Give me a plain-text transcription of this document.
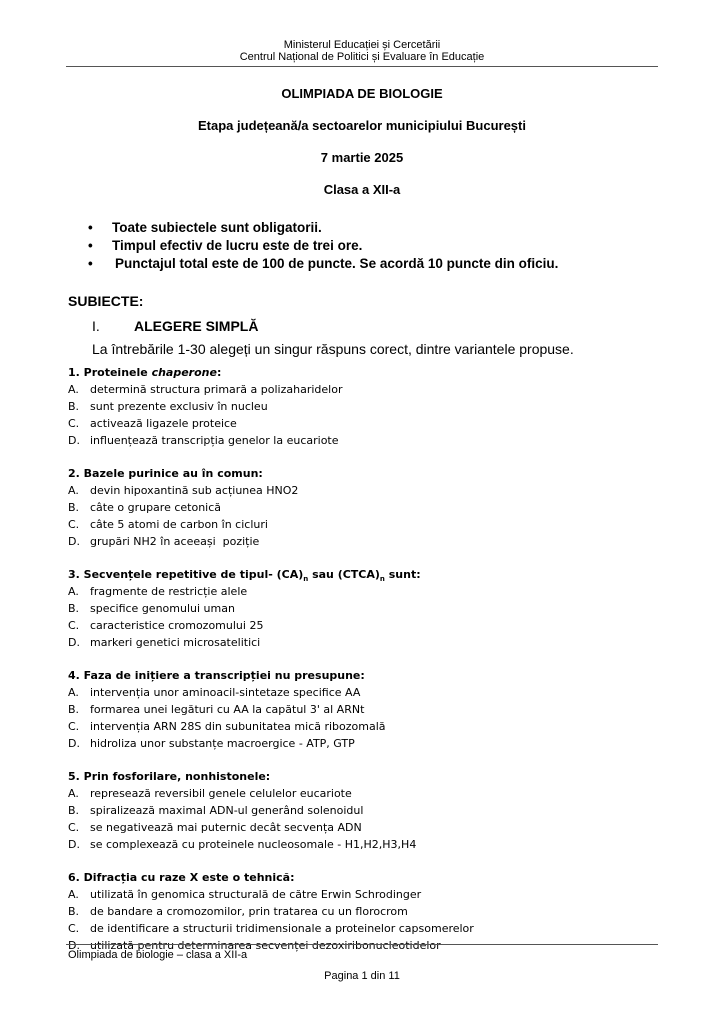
Ministerul Educației și Cercetării
Centrul Național de Politici și Evaluare în Educație
OLIMPIADA DE BIOLOGIE
Etapa județeană/a sectoarelor municipiului București
7 martie 2025
Clasa a XII-a
• Toate subiectele sunt obligatorii.
• Timpul efectiv de lucru este de trei ore.
• Punctajul total este de 100 de puncte. Se acordă 10 puncte din oficiu.
SUBIECTE:
I. ALEGERE SIMPLĂ
La întrebările 1-30 alegeți un singur răspuns corect, dintre variantele propuse.
1. Proteinele chaperone:
A. determină structura primară a polizaharidelor
B. sunt prezente exclusiv în nucleu
C. activează ligazele proteice
D. influențează transcripția genelor la eucariote
2. Bazele purinice au în comun:
A. devin hipoxantină sub acțiunea HNO2
B. câte o grupare cetonică
C. câte 5 atomi de carbon în cicluri
D. grupări NH2 în aceeași  poziție
3. Secvențele repetitive de tipul- $(CA)_n$ sau $(CTCA)_n$ sunt:
A. fragmente de restricție alele
B. specifice genomului uman
C. caracteristice cromozomului 25
D. markeri genetici microsatelitici
4. Faza de inițiere a transcripției nu presupune:
A. intervenția unor aminoacil-sintetaze specifice AA
B. formarea unei legături cu AA la capătul 3' al ARNt
C. intervenția ARN 28S din subunitatea mică ribozomală
D. hidroliza unor substanțe macroergice - ATP, GTP
5. Prin fosforilare, nonhistonele:
A. represează reversibil genele celulelor eucariote
B. spiralizează maximal ADN-ul generând solenoidul
C. se negativează mai puternic decât secvența ADN
D. se complexează cu proteinele nucleosomale - H1,H2,H3,H4
6. Difracția cu raze X este o tehnică:
A. utilizată în genomica structurală de către Erwin Schrodinger
B. de bandare a cromozomilor, prin tratarea cu un florocrom
C. de identificare a structurii tridimensionale a proteinelor capsomerelor
D. utilizată pentru determinarea secvenței dezoxiribonucleotidelor
Olimpiada de biologie – clasa a XII-a
Pagina 1 din 11
